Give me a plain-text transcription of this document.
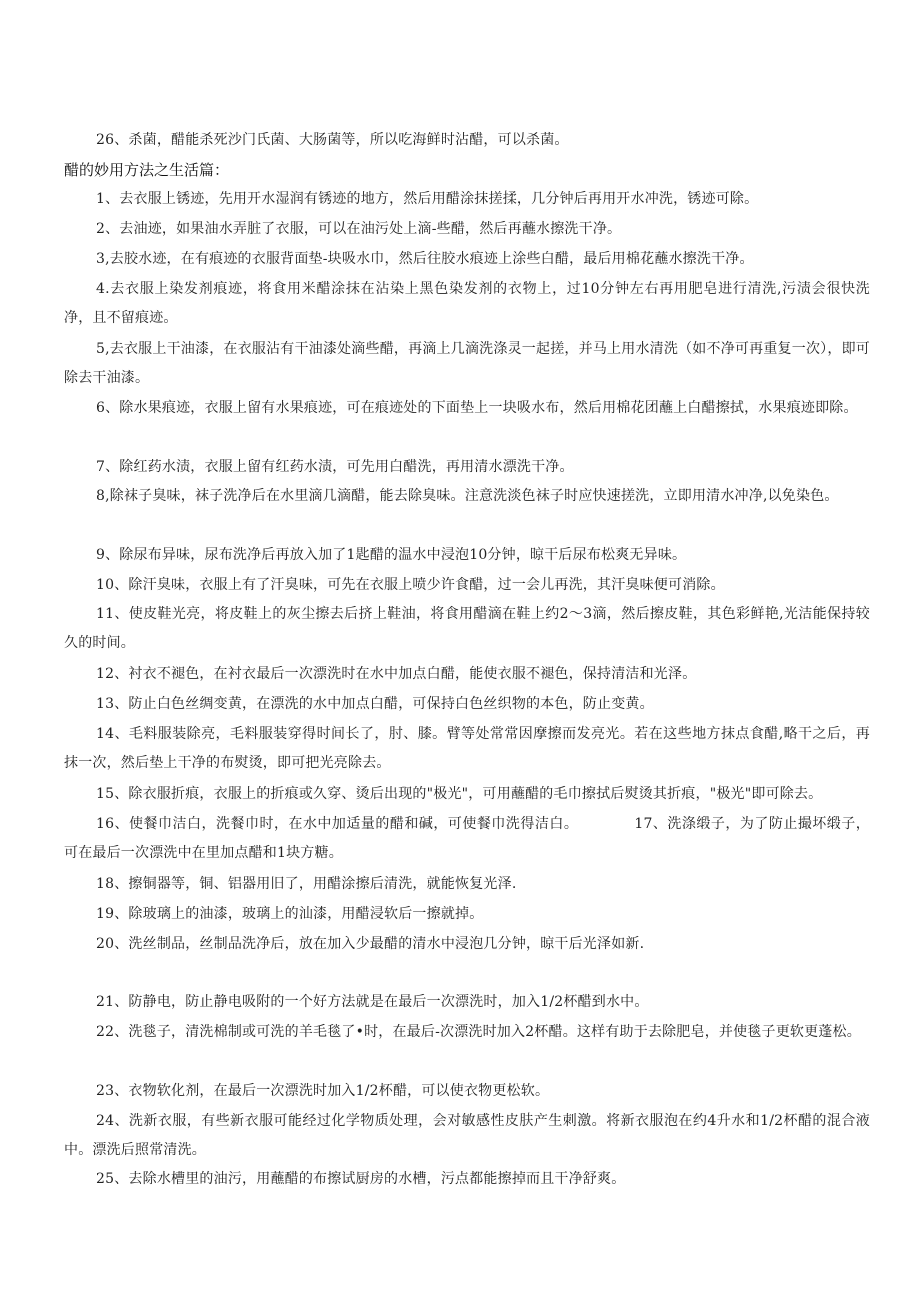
26、杀菌，醋能杀死沙门氏菌、大肠菌等，所以吃海鲜时沾醋，可以杀菌。
醋的妙用方法之生活篇：
1、去衣服上锈迹，先用开水湿润有锈迹的地方，然后用醋涂抹搓揉，几分钟后再用开水冲洗，锈迹可除。
2、去油迹，如果油水弄脏了衣服，可以在油污处上滴-些醋，然后再蘸水擦洗干净。
3,去胶水迹，在有痕迹的衣服背面垫-块吸水巾，然后往胶水痕迹上涂些白醋，最后用棉花蘸水擦洗干净。
4.去衣服上染发剂痕迹，将食用米醋涂抹在沾染上黑色染发剂的衣物上，过10分钟左右再用肥皂进行清洗,污渍会很快洗净，且不留痕迹。
5,去衣服上干油漆，在衣服沾有干油漆处滴些醋，再滴上几滴洗涤灵一起搓，并马上用水清洗（如不净可再重复一次），即可除去干油漆。
6、除水果痕迹，衣服上留有水果痕迹，可在痕迹处的下面垫上一块吸水布，然后用棉花团蘸上白醋擦拭，水果痕迹即除。
7、除红药水渍，衣服上留有红药水渍，可先用白醋洗，再用清水漂洗干净。
8,除袜子臭味，袜子洗净后在水里滴几滴醋，能去除臭味。注意洗淡色袜子时应快速搓洗，立即用清水冲净,以免染色。
9、除尿布异味，尿布洗净后再放入加了1匙醋的温水中浸泡10分钟，晾干后尿布松爽无异味。
10、除汗臭味，衣服上有了汗臭味，可先在衣服上喷少许食醋，过一会儿再洗，其汗臭味便可消除。
11、使皮鞋光亮，将皮鞋上的灰尘擦去后挤上鞋油，将食用醋滴在鞋上约2～3滴，然后擦皮鞋，其色彩鲜艳,光洁能保持较久的时间。
12、衬衣不褪色，在衬衣最后一次漂洗时在水中加点白醋，能使衣服不褪色，保持清洁和光泽。
13、防止白色丝绸变黄，在漂洗的水中加点白醋，可保持白色丝织物的本色，防止变黄。
14、毛料服装除亮，毛料服装穿得时间长了，肘、膝。臂等处常常因摩擦而发亮光。若在这些地方抹点食醋,略干之后，再抹一次，然后垫上干净的布熨烫，即可把光亮除去。
15、除衣服折痕，衣服上的折痕或久穿、烫后出现的"极光"，可用蘸醋的毛巾擦拭后熨烫其折痕，"极光"即可除去。
16、使餐巾洁白，洗餐巾时，在水中加适量的醋和碱，可使餐巾洗得洁白。	17、洗涤缎子，为了防止撮坏缎子，可在最后一次漂洗中在里加点醋和1块方糖。
18、擦铜器等，铜、铝器用旧了，用醋涂擦后清洗，就能恢复光泽.
19、除玻璃上的油漆，玻璃上的汕漆，用醋浸软后一擦就掉。
20、洗丝制品，丝制品洗净后，放在加入少最醋的清水中浸泡几分钟，晾干后光泽如新.
21、防静电，防止静电吸附的一个好方法就是在最后一次漂洗时，加入1/2杯醋到水中。
22、洗毯子，清洗棉制或可洗的羊毛毯了•时，在最后-次漂洗时加入2杯醋。这样有助于去除肥皂，并使毯子更软更蓬松。
23、衣物软化剂，在最后一次漂洗时加入1/2杯醋，可以使衣物更松软。
24、洗新衣服，有些新衣服可能经过化学物质处理，会对敏感性皮肤产生刺激。将新衣服泡在约4升水和1/2杯醋的混合液中。漂洗后照常清洗。
25、去除水槽里的油污，用蘸醋的布擦试厨房的水槽，污点都能擦掉而且干净舒爽。
